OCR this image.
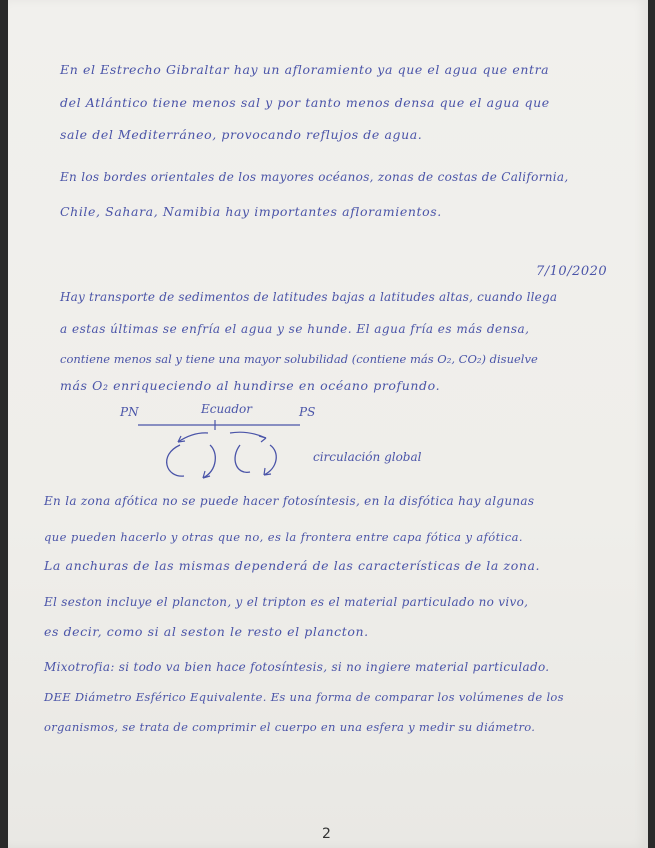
En el Estrecho Gibraltar hay un afloramiento ya que el agua que entra
del Atlántico tiene menos sal y por tanto menos densa que el agua que
sale del Mediterráneo, provocando reflujos de agua.
En los bordes orientales de los mayores océanos, zonas de costas de California,
Chile, Sahara, Namibia hay importantes afloramientos.
7/10/2020
Hay transporte de sedimentos de latitudes bajas a latitudes altas, cuando llega
a estas últimas se enfría el agua y se hunde. El agua fría es más densa,
contiene menos sal y tiene una mayor solubilidad (contiene más O₂, CO₂) disuelve
más O₂ enriqueciendo al hundirse en océano profundo.
PN	Ecuador	PS
circulación global
En la zona afótica no se puede hacer fotosíntesis, en la disfótica hay algunas
que pueden hacerlo y otras que no, es la frontera entre capa fótica y afótica.
La anchuras de las mismas dependerá de las características de la zona.
El seston incluye el plancton, y el tripton es el material particulado no vivo,
es decir, como si al seston le resto el plancton.
Mixotrofia: si todo va bien hace fotosíntesis, si no ingiere material particulado.
DEE Diámetro Esférico Equivalente. Es una forma de comparar los volúmenes de los
organismos, se trata de comprimir el cuerpo en una esfera y medir su diámetro.
2
